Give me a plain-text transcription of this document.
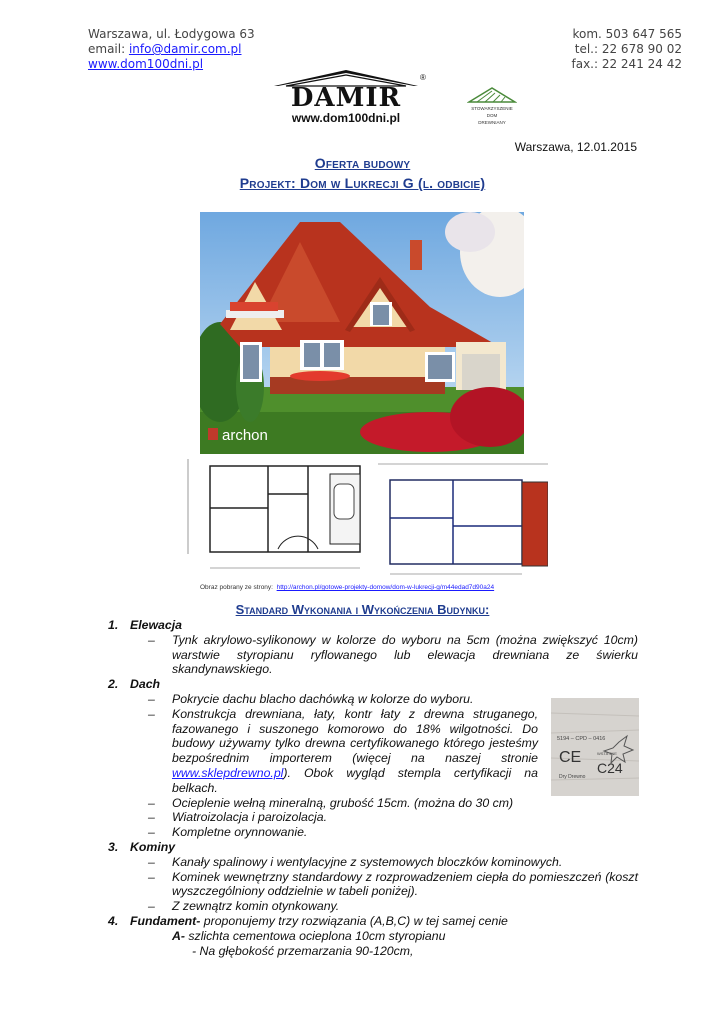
Warszawa, ul. Łodygowa 63
email: info@damir.com.pl
www.dom100dni.pl
kom. 503 647 565
tel.: 22 678 90 02
fax.: 22 241 24 42
DAMIR
®
www.dom100dni.pl
STOWARZYSZENIE
DOM
DREWNIANY
Warszawa, 12.01.2015
Oferta budowy
Projekt: Dom w Lukrecji G (l. odbicie)
archon
Obraz pobrany ze strony: http://archon.pl/gotowe-projekty-domow/dom-w-lukrecji-g/m44edad7d90a24
Standard Wykonania i Wykończenia Budynku:
1. Elewacja
–	Tynk akrylowo-sylikonowy w kolorze do wyboru na 5cm (można zwiększyć 10cm) warstwie styropianu ryflowanego lub elewacja drewniana ze świerku skandynawskiego.
2. Dach
–	Pokrycie dachu blacho dachówką w kolorze do wyboru.
–	Konstrukcja drewniana, łaty, kontr łaty z drewna struganego, fazowanego i suszonego komorowo do 18% wilgotności. Do budowy używamy tylko drewna certyfikowanego którego jesteśmy bezpośrednim importerem (więcej na naszej stronie www.sklepdrewno.pl). Obok wygląd stempla certyfikacji na belkach.
–	Ocieplenie wełną mineralną, grubość 15cm. (można do 30 cm)
–	Wiatroizolacja i paroizolacja.
–	Kompletne orynnowanie.
3. Kominy
–	Kanały spalinowy i wentylacyjne z systemowych bloczków kominowych.
–	Kominek wewnętrzny standardowy z rozprowadzeniem ciepła do pomieszczeń (koszt wyszczególniony oddzielnie w tabeli poniżej).
–	Z zewnątrz komin otynkowany.
4. Fundament- proponujemy trzy rozwiązania (A,B,C) w tej samej cenie
A- szlichta cementowa ocieplona 10cm styropianu
- Na głębokość przemarzania 90-120cm,
5194 – CPD – 0416
CE	WSTA 3NE
C24
Dry Drewno
